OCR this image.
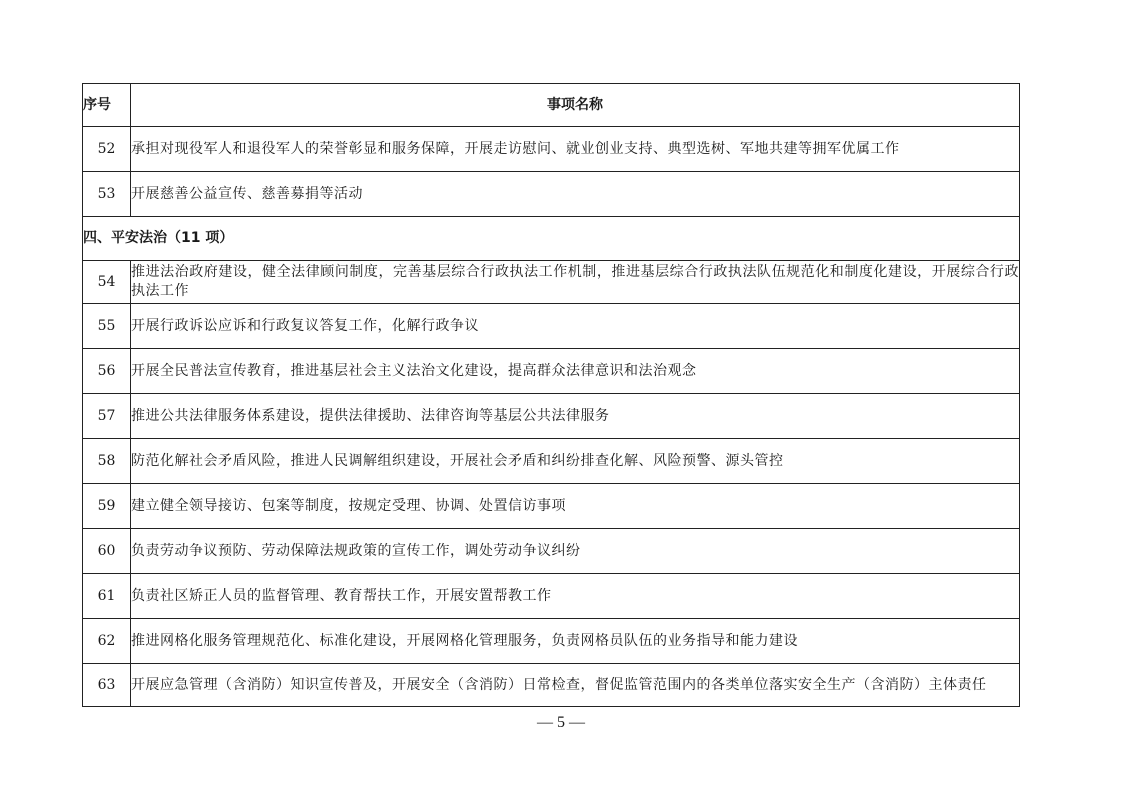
序号	事项名称
52	承担对现役军人和退役军人的荣誉彰显和服务保障，开展走访慰问、就业创业支持、典型选树、军地共建等拥军优属工作
53	开展慈善公益宣传、慈善募捐等活动
四、平安法治（11 项）	
54	推进法治政府建设，健全法律顾问制度，完善基层综合行政执法工作机制，推进基层综合行政执法队伍规范化和制度化建设，开展综合行政执法工作
55	开展行政诉讼应诉和行政复议答复工作，化解行政争议
56	开展全民普法宣传教育，推进基层社会主义法治文化建设，提高群众法律意识和法治观念
57	推进公共法律服务体系建设，提供法律援助、法律咨询等基层公共法律服务
58	防范化解社会矛盾风险，推进人民调解组织建设，开展社会矛盾和纠纷排查化解、风险预警、源头管控
59	建立健全领导接访、包案等制度，按规定受理、协调、处置信访事项
60	负责劳动争议预防、劳动保障法规政策的宣传工作，调处劳动争议纠纷
61	负责社区矫正人员的监督管理、教育帮扶工作，开展安置帮教工作
62	推进网格化服务管理规范化、标准化建设，开展网格化管理服务，负责网格员队伍的业务指导和能力建设
63	开展应急管理（含消防）知识宣传普及，开展安全（含消防）日常检查，督促监管范围内的各类单位落实安全生产（含消防）主体责任
— 5 —
